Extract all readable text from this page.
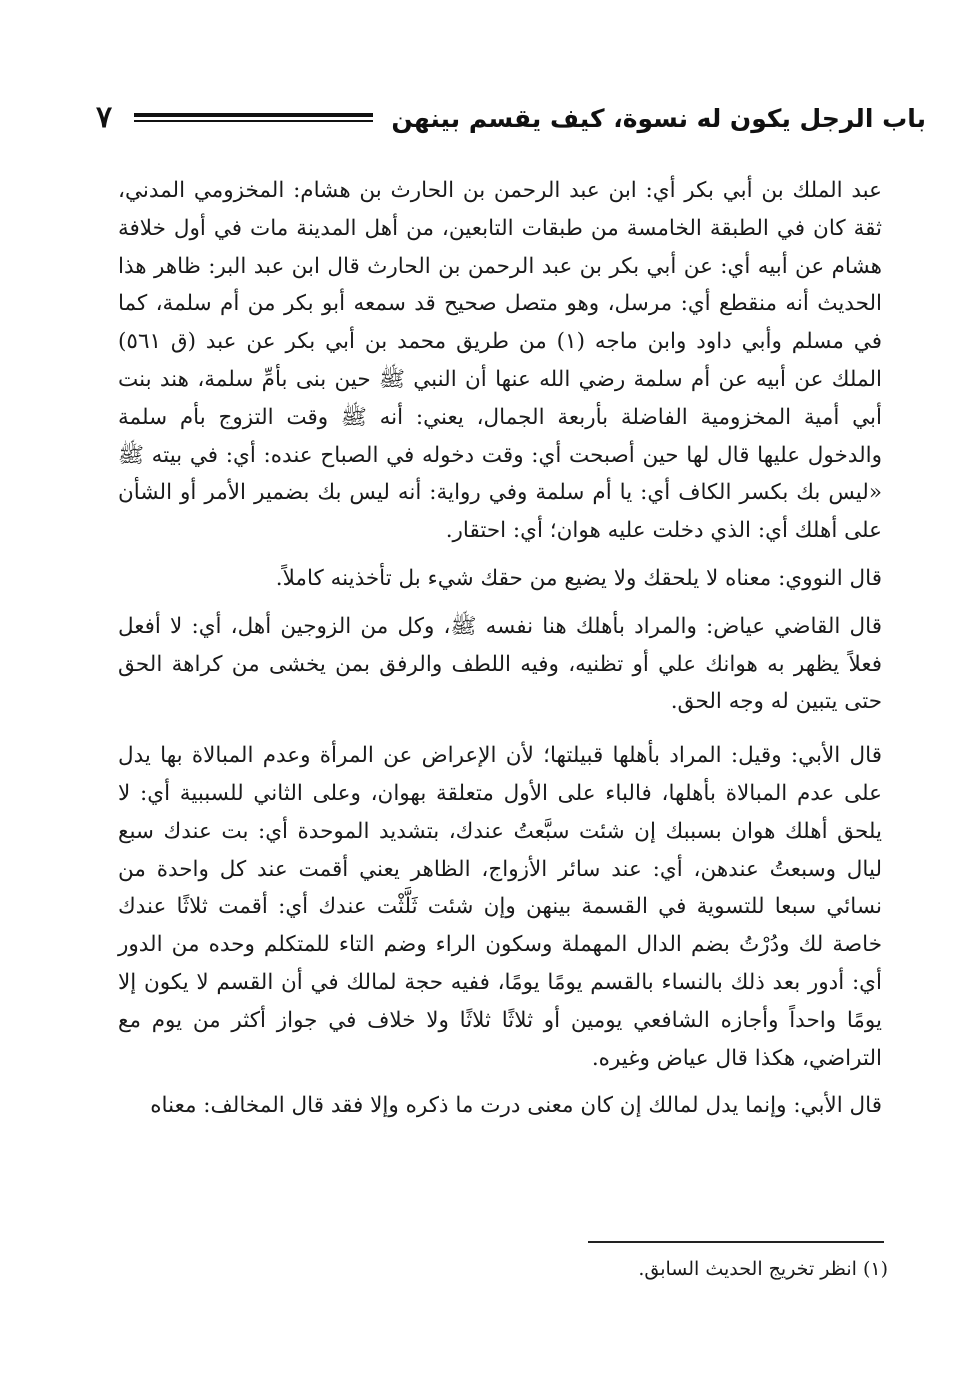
باب الرجل يكون له نسوة، كيف يقسم بينهن
٧

عبد الملك بن أبي بكر أي: ابن عبد الرحمن بن الحارث بن هشام: المخزومي المدني، ثقة كان في الطبقة الخامسة من طبقات التابعين، من أهل المدينة مات في أول خلافة هشام عن أبيه أي: عن أبي بكر بن عبد الرحمن بن الحارث قال ابن عبد البر: ظاهر هذا الحديث أنه منقطع أي: مرسل، وهو متصل صحيح قد سمعه أبو بكر من أم سلمة، كما في مسلم وأبي داود وابن ماجه (١) من طريق محمد بن أبي بكر عن عبد (ق ٥٦١) الملك عن أبيه عن أم سلمة رضي الله عنها أن النبي ﷺ حين بنى بأمِّ سلمة، هند بنت أبي أمية المخزومية الفاضلة بأربعة الجمال، يعني: أنه ﷺ وقت التزوج بأم سلمة والدخول عليها قال لها حين أصبحت أي: وقت دخوله في الصباح عنده: أي: في بيته ﷺ «ليس بك بكسر الكاف أي: يا أم سلمة وفي رواية: أنه ليس بك بضمير الأمر أو الشأن على أهلك أي: الذي دخلت عليه هوان؛ أي: احتقار.

قال النووي: معناه لا يلحقك ولا يضيع من حقك شيء بل تأخذينه كاملاً.

قال القاضي عياض: والمراد بأهلك هنا نفسه ﷺ، وكل من الزوجين أهل، أي: لا أفعل فعلاً يظهر به هوانك علي أو تظنيه، وفيه اللطف والرفق بمن يخشى من كراهة الحق حتى يتبين له وجه الحق.

قال الأبي: وقيل: المراد بأهلها قبيلتها؛ لأن الإعراض عن المرأة وعدم المبالاة بها يدل على عدم المبالاة بأهلها، فالباء على الأول متعلقة بهوان، وعلى الثاني للسببية أي: لا يلحق أهلك هوان بسببك إن شئت سبَّعتُ عندك، بتشديد الموحدة أي: بت عندك سبع ليال وسبعتُ عندهن، أي: عند سائر الأزواج، الظاهر يعني أقمت عند كل واحدة من نسائي سبعا للتسوية في القسمة بينهن وإن شئت ثَلَّثْت عندك أي: أقمت ثلاثًا عندك خاصة لك ودُرْتُ بضم الدال المهملة وسكون الراء وضم التاء للمتكلم وحده من الدور أي: أدور بعد ذلك بالنساء بالقسم يومًا يومًا، ففيه حجة لمالك في أن القسم لا يكون إلا يومًا واحداً وأجازه الشافعي يومين أو ثلاثًا ثلاثًا ولا خلاف في جواز أكثر من يوم مع التراضي، هكذا قال عياض وغيره.

قال الأبي: وإنما يدل لمالك إن كان معنى درت ما ذكره وإلا فقد قال المخالف: معناه

(١) انظر تخريج الحديث السابق.
